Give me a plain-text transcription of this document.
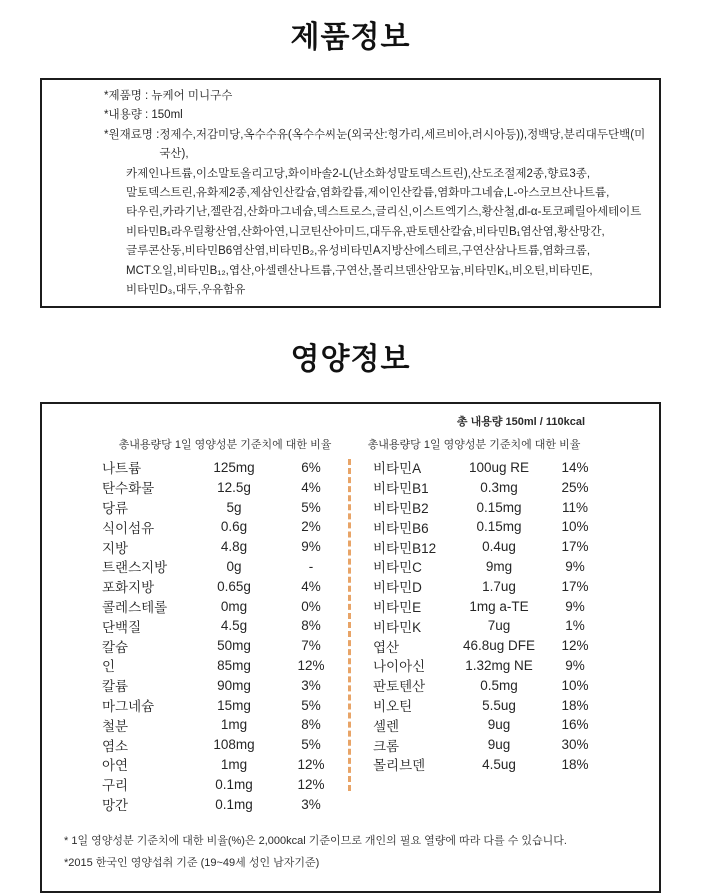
제품정보
*제품명 : 뉴케어 미니구수
*내용량 : 150ml
*원재료명 : 정제수,저감미당,옥수수유(옥수수씨눈(외국산:헝가리,세르비아,러시아등)),정백당,분리대두단백(미국산),
카제인나트륨,이소말토올리고당,화이바솔2-L(난소화성말토덱스트린),산도조절제2종,향료3종,
말토덱스트린,유화제2종,제삼인산칼슘,염화칼륨,제이인산칼륨,염화마그네슘,L-아스코브산나트륨,
타우린,카라기난,젤란검,산화마그네슘,덱스트로스,글리신,이스트엑기스,황산철,dl-α-토코페릴아세테이트
비타민B₁라우릴황산염,산화아연,니코틴산아미드,대두유,판토텐산칼슘,비타민B₁염산염,황산망간,
글루콘산동,비타민B6염산염,비타민B₂,유성비타민A지방산에스테르,구연산삼나트륨,염화크롬,
MCT오일,비타민B₁₂,엽산,아셀렌산나트륨,구연산,몰리브덴산암모늄,비타민K₁,비오틴,비타민E,
비타민D₃,대두,우유함유
영양정보
총 내용량 150ml / 110kcal
총내용량당 1일 영양성분 기준치에 대한 비율	총내용량당 1일 영양성분 기준치에 대한 비율
나트륨	125mg	6%
탄수화물	12.5g	4%
당류	5g	5%
식이섬유	0.6g	2%
지방	4.8g	9%
트랜스지방	0g	-
포화지방	0.65g	4%
콜레스테롤	0mg	0%
단백질	4.5g	8%
칼슘	50mg	7%
인	85mg	12%
칼륨	90mg	3%
마그네슘	15mg	5%
철분	1mg	8%
염소	108mg	5%
아연	1mg	12%
구리	0.1mg	12%
망간	0.1mg	3%
비타민A	100ug RE	14%
비타민B1	0.3mg	25%
비타민B2	0.15mg	11%
비타민B6	0.15mg	10%
비타민B12	0.4ug	17%
비타민C	9mg	9%
비타민D	1.7ug	17%
비타민E	1mg a-TE	9%
비타민K	7ug	1%
엽산	46.8ug DFE	12%
나이아신	1.32mg NE	9%
판토텐산	0.5mg	10%
비오틴	5.5ug	18%
셀렌	9ug	16%
크롬	9ug	30%
몰리브덴	4.5ug	18%
* 1일 영양성분 기준치에 대한 비율(%)은 2,000kcal 기준이므로 개인의 필요 열량에 따라 다를 수 있습니다.
*2015 한국인 영양섭취 기준 (19~49세 성인 남자기준)
